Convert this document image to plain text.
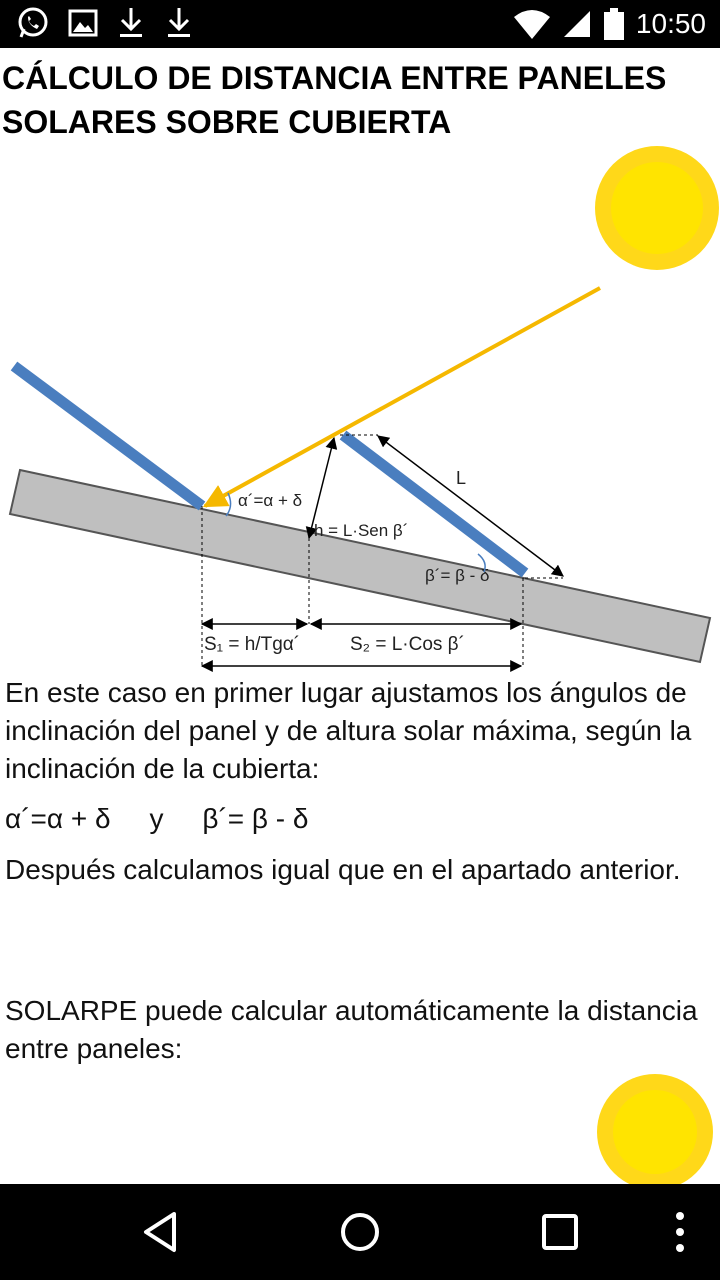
10:50
CÁLCULO DE DISTANCIA ENTRE PANELES SOLARES SOBRE CUBIERTA
L
h = L·Sen β´
α´=α + δ
β´= β - δ
S₁ = h/Tgα´	S₂ = L·Cos β´

En este caso en primer lugar ajustamos los ángulos de inclinación del panel y de altura solar máxima, según la inclinación de la cubierta:

α´=α + δ     y     β´= β - δ

Después calculamos igual que en el apartado anterior.

SOLARPE puede calcular automáticamente la distancia entre paneles:
